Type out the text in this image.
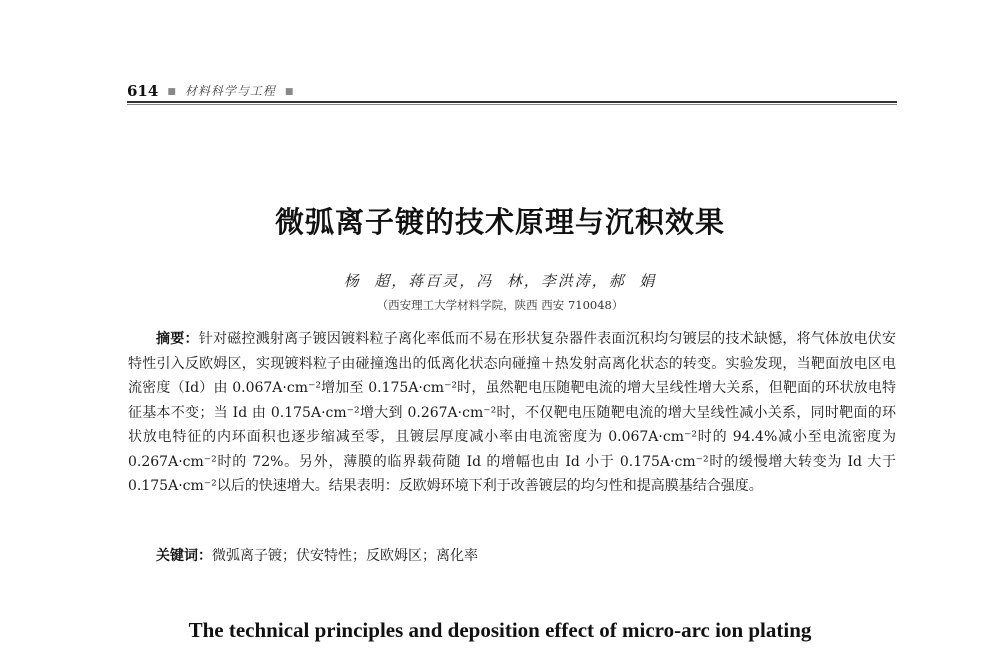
614 ■ 材料科学与工程 ■
微弧离子镀的技术原理与沉积效果
杨  超，蒋百灵，冯  林，李洪涛，郝  娟
（西安理工大学材料学院，陕西 西安 710048）
摘要：针对磁控溅射离子镀因镀料粒子离化率低而不易在形状复杂器件表面沉积均匀镀层的技术缺憾，将气体放电伏安特性引入反欧姆区，实现镀料粒子由碰撞逸出的低离化状态向碰撞＋热发射高离化状态的转变。实验发现，当靶面放电区电流密度（Id）由 0.067A·cm⁻²增加至 0.175A·cm⁻²时，虽然靶电压随靶电流的增大呈线性增大关系，但靶面的环状放电特征基本不变；当 Id 由 0.175A·cm⁻²增大到 0.267A·cm⁻²时，不仅靶电压随靶电流的增大呈线性减小关系，同时靶面的环状放电特征的内环面积也逐步缩减至零，且镀层厚度减小率由电流密度为 0.067A·cm⁻²时的 94.4%减小至电流密度为 0.267A·cm⁻²时的 72%。另外，薄膜的临界载荷随 Id 的增幅也由 Id 小于 0.175A·cm⁻²时的缓慢增大转变为 Id 大于 0.175A·cm⁻²以后的快速增大。结果表明：反欧姆环境下利于改善镀层的均匀性和提高膜基结合强度。
关键词：微弧离子镀；伏安特性；反欧姆区；离化率
The technical principles and deposition effect of micro-arc ion plating
